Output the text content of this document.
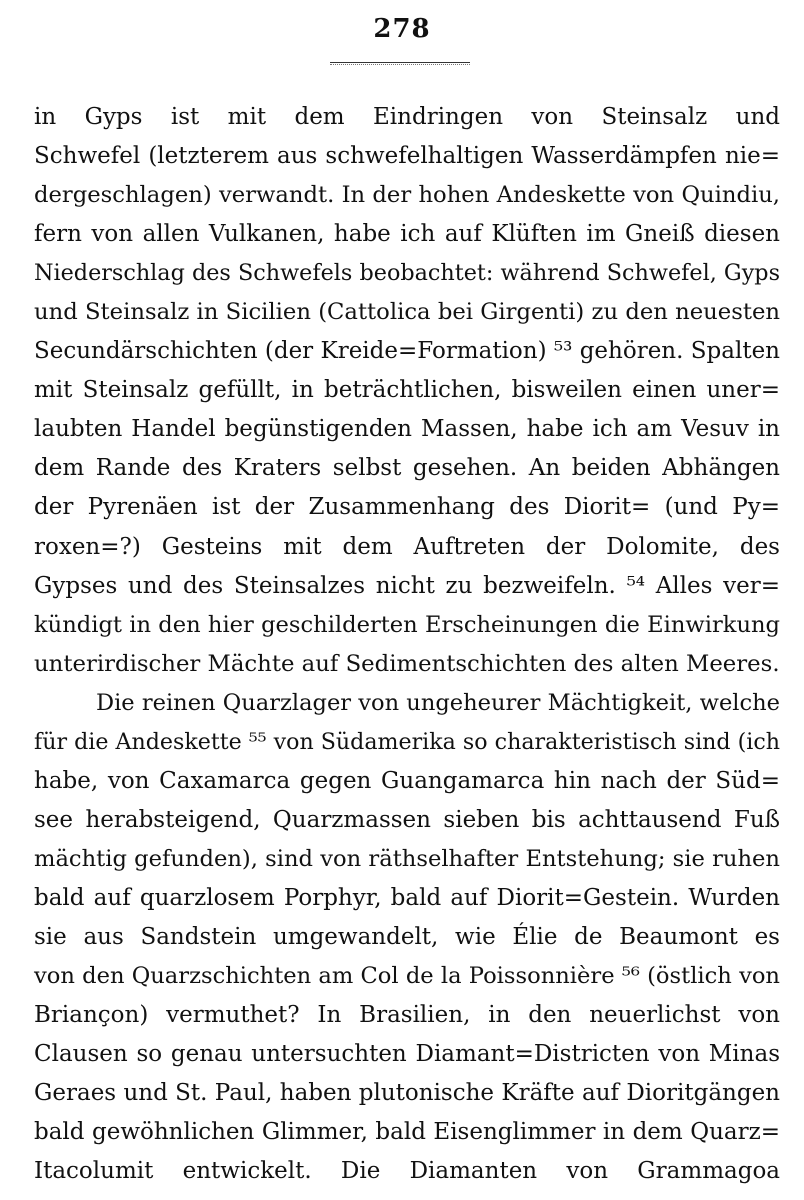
278
in Gyps ist mit dem Eindringen von Steinsalz und
Schwefel (letzterem aus schwefelhaltigen Wasserdämpfen nie=
dergeschlagen) verwandt. In der hohen Andeskette von Quindiu,
fern von allen Vulkanen, habe ich auf Klüften im Gneiß diesen
Niederschlag des Schwefels beobachtet: während Schwefel, Gyps
und Steinsalz in Sicilien (Cattolica bei Girgenti) zu den neuesten
Secundärschichten (der Kreide=Formation) ⁵³ gehören. Spalten
mit Steinsalz gefüllt, in beträchtlichen, bisweilen einen uner=
laubten Handel begünstigenden Massen, habe ich am Vesuv in
dem Rande des Kraters selbst gesehen. An beiden Abhängen
der Pyrenäen ist der Zusammenhang des Diorit= (und Py=
roxen=?) Gesteins mit dem Auftreten der Dolomite, des
Gypses und des Steinsalzes nicht zu bezweifeln. ⁵⁴ Alles ver=
kündigt in den hier geschilderten Erscheinungen die Einwirkung
unterirdischer Mächte auf Sedimentschichten des alten Meeres.
Die reinen Quarzlager von ungeheurer Mächtigkeit, welche
für die Andeskette ⁵⁵ von Südamerika so charakteristisch sind (ich
habe, von Caxamarca gegen Guangamarca hin nach der Süd=
see herabsteigend, Quarzmassen sieben bis achttausend Fuß
mächtig gefunden), sind von räthselhafter Entstehung; sie ruhen
bald auf quarzlosem Porphyr, bald auf Diorit=Gestein. Wurden
sie aus Sandstein umgewandelt, wie Élie de Beaumont es
von den Quarzschichten am Col de la Poissonnière ⁵⁶ (östlich von
Briançon) vermuthet? In Brasilien, in den neuerlichst von
Clausen so genau untersuchten Diamant=Districten von Minas
Geraes und St. Paul, haben plutonische Kräfte auf Dioritgängen
bald gewöhnlichen Glimmer, bald Eisenglimmer in dem Quarz=
Itacolumit entwickelt. Die Diamanten von Grammagoa
